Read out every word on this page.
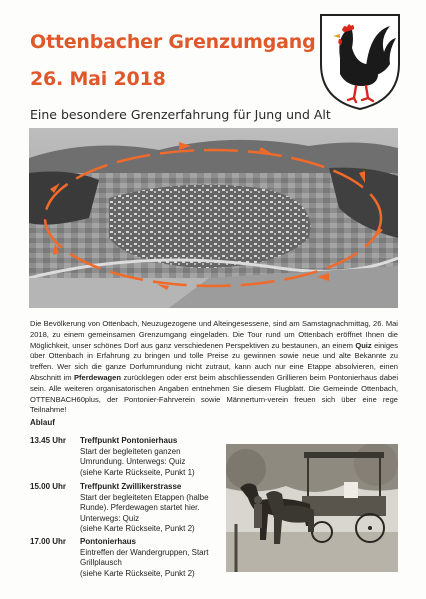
Ottenbacher Grenzumgang
26. Mai 2018
Eine besondere Grenzerfahrung für Jung und Alt
Die Bevölkerung von Ottenbach, Neuzugezogene und Alteingesessene, sind am Samstagnachmittag, 26. Mai 2018, zu einem gemeinsamen Grenzumgang eingeladen. Die Tour rund um Ottenbach eröffnet Ihnen die Möglichkeit, unser schönes Dorf aus ganz verschiedenen Perspektiven zu bestaunen, an einem Quiz einiges über Ottenbach in Erfahrung zu bringen und tolle Preise zu gewinnen sowie neue und alte Bekannte zu treffen. Wer sich die ganze Dorfumrundung nicht zutraut, kann auch nur eine Etappe absolvieren, einen Abschnitt im Pferdewagen zurücklegen oder erst beim abschliessenden Grillieren beim Pontonierhaus dabei sein. Alle weiteren organisatorischen Angaben entnehmen Sie diesem Flugblatt. Die Gemeinde Ottenbach, OTTENBACH60plus, der Pontonier-Fahrverein sowie Männerturn-verein freuen sich über eine rege Teilnahme!
Ablauf
13.45 Uhr Treffpunkt Pontonierhaus
Start der begleiteten ganzen
Umrundung. Unterwegs: Quiz
(siehe Karte Rückseite, Punkt 1)
15.00 Uhr Treffpunkt Zwillikerstrasse
Start der begleiteten Etappen (halbe
Runde). Pferdewagen startet hier.
Unterwegs: Quiz
(siehe Karte Rückseite, Punkt 2)
17.00 Uhr Pontonierhaus
Eintreffen der Wandergruppen, Start
Grillplausch
(siehe Karte Rückseite, Punkt 2)
